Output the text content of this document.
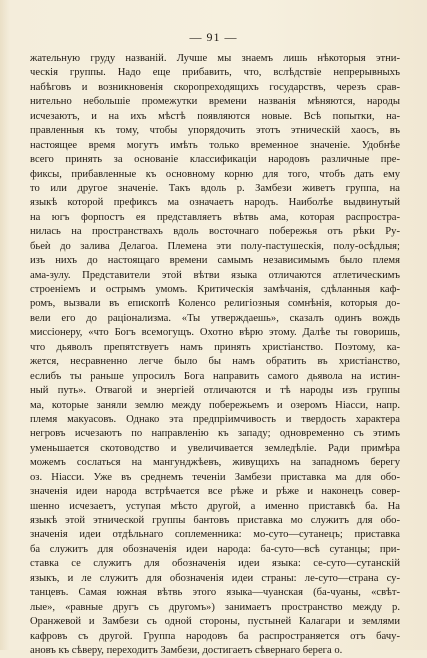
— 91 —
жательную груду названій. Лучше мы знаемъ лишь нѣкоторыя этни-
ческія группы. Надо еще прибавить, что, вслѣдствіе непрерывныхъ
набѣговъ и возникновенія скоропреходящихъ государствъ, черезъ срав-
нительно небольшіе промежутки времени названія мѣняются, народы
исчезаютъ, и на ихъ мѣстѣ появляются новые. Всѣ попытки, на-
правленныя къ тому, чтобы упорядочить этотъ этническій хаосъ, въ
настоящее время могутъ имѣть только временное значеніе. Удобнѣе
всего принять за основаніе классификаціи народовъ различные пре-
фиксы, прибавленные къ основному корню для того, чтобъ дать ему
то или другое значеніе. Такъ вдоль р. Замбези живетъ группа, на
языкѣ которой префиксъ ма означаетъ народъ. Наиболѣе выдвинутый
на югъ форпостъ ея представляетъ вѣтвь ама, которая распростра-
нилась на пространствахъ вдоль восточнаго побережья отъ рѣки Ру-
бьеѝ до залива Делагоа. Племена эти полу-пастушескія, полу-осѣдлыя;
изъ нихъ до настоящаго времени самымъ независимымъ было племя
ама-зулу. Представители этой вѣтви языка отличаются атлетическимъ
строеніемъ и острымъ умомъ. Критическія замѣчанія, сдѣланныя каф-
ромъ, вызвали въ епископѣ Коленсо религіозныя сомнѣнія, которыя до-
вели его до раціонализма. «Ты утверждаешь», сказалъ одинъ вождь
миссіонеру, «что Богъ всемогущъ. Охотно вѣрю этому. Далѣе ты говоришь,
что дьяволъ препятствуетъ намъ принять христіанство. Поэтому, ка-
жется, несравненно легче было бы намъ обратить въ христіанство,
еслибъ ты раньше упросилъ Бога направить самого дьявола на истин-
ный путь». Отвагой и энергіей отличаются и тѣ народы изъ группы
ма, которые заняли землю между побережьемъ и озеромъ Ніасси, напр.
племя макуасовъ. Однако эта предпріимчивость и твердость характера
негровъ исчезаютъ по направленію къ западу; одновременно съ этимъ
уменьшается скотоводство и увеличивается земледѣліе. Ради примѣра
можемъ сослаться на мангунджѣевъ, живущихъ на западномъ берегу
оз. Ніасси. Уже въ среднемъ теченіи Замбези приставка ма для обо-
значенія идеи народа встрѣчается все рѣже и рѣже и наконецъ совер-
шенно исчезаетъ, уступая мѣсто другой, а именно приставкѣ ба. На
языкѣ этой этнической группы бантовъ приставка мо служитъ для обо-
значенія идеи отдѣльнаго соплеменника: мо-суто—сутанецъ; приставка
ба служитъ для обозначенія идеи народа: ба-суто—всѣ сутанцы; при-
ставка се служитъ для обозначенія идеи языка: се-суто—сутанскій
языкъ, и ле служитъ для обозначенія идеи страны: ле-суто—страна су-
танцевъ. Самая южная вѣтвь этого языка—чуанская (ба-чуаны, «свѣт-
лые», «равные другъ съ другомъ») занимаетъ пространство между р.
Оранжевой и Замбези съ одной стороны, пустыней Калагари и землями
кафровъ съ другой. Группа народовъ ба распространяется отъ бачу-
ановъ къ сѣверу, переходитъ Замбези, достигаетъ сѣвернаго берега о.
